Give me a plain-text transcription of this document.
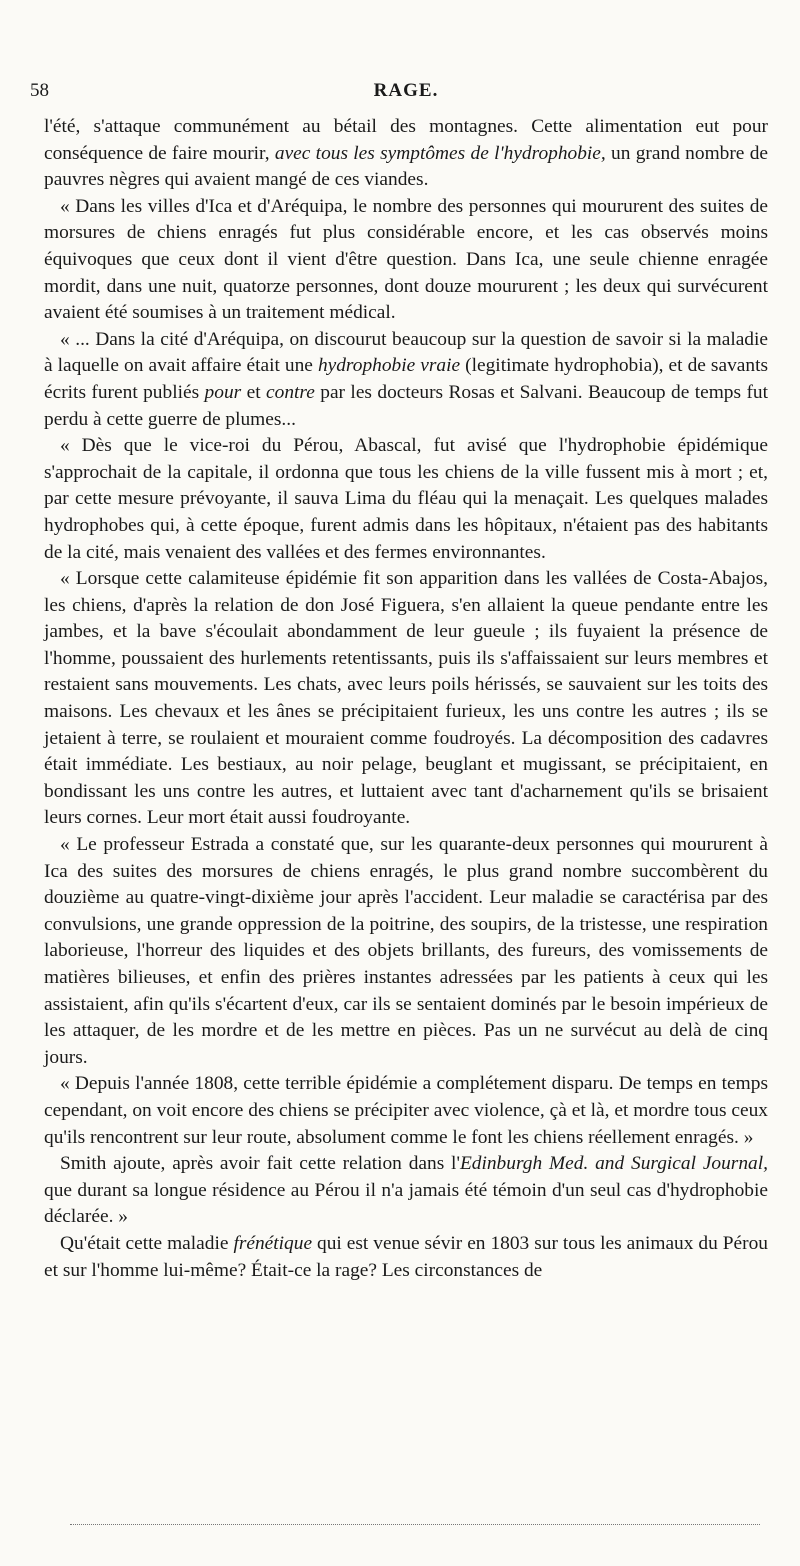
58	RAGE.

l'été, s'attaque communément au bétail des montagnes. Cette alimentation eut pour conséquence de faire mourir, avec tous les symptômes de l'hydrophobie, un grand nombre de pauvres nègres qui avaient mangé de ces viandes.

« Dans les villes d'Ica et d'Aréquipa, le nombre des personnes qui moururent des suites de morsures de chiens enragés fut plus considérable encore, et les cas observés moins équivoques que ceux dont il vient d'être question. Dans Ica, une seule chienne enragée mordit, dans une nuit, quatorze personnes, dont douze moururent ; les deux qui survécurent avaient été soumises à un traitement médical.

« ... Dans la cité d'Aréquipa, on discourut beaucoup sur la question de savoir si la maladie à laquelle on avait affaire était une hydrophobie vraie (legitimate hydrophobia), et de savants écrits furent publiés pour et contre par les docteurs Rosas et Salvani. Beaucoup de temps fut perdu à cette guerre de plumes...

« Dès que le vice-roi du Pérou, Abascal, fut avisé que l'hydrophobie épidémique s'approchait de la capitale, il ordonna que tous les chiens de la ville fussent mis à mort ; et, par cette mesure prévoyante, il sauva Lima du fléau qui la menaçait. Les quelques malades hydrophobes qui, à cette époque, furent admis dans les hôpitaux, n'étaient pas des habitants de la cité, mais venaient des vallées et des fermes environnantes.

« Lorsque cette calamiteuse épidémie fit son apparition dans les vallées de Costa-Abajos, les chiens, d'après la relation de don José Figuera, s'en allaient la queue pendante entre les jambes, et la bave s'écoulait abondamment de leur gueule ; ils fuyaient la présence de l'homme, poussaient des hurlements retentissants, puis ils s'affaissaient sur leurs membres et restaient sans mouvements. Les chats, avec leurs poils hérissés, se sauvaient sur les toits des maisons. Les chevaux et les ânes se précipitaient furieux, les uns contre les autres ; ils se jetaient à terre, se roulaient et mouraient comme foudroyés. La décomposition des cadavres était immédiate. Les bestiaux, au noir pelage, beuglant et mugissant, se précipitaient, en bondissant les uns contre les autres, et luttaient avec tant d'acharnement qu'ils se brisaient leurs cornes. Leur mort était aussi foudroyante.

« Le professeur Estrada a constaté que, sur les quarante-deux personnes qui moururent à Ica des suites des morsures de chiens enragés, le plus grand nombre succombèrent du douzième au quatre-vingt-dixième jour après l'accident. Leur maladie se caractérisa par des convulsions, une grande oppression de la poitrine, des soupirs, de la tristesse, une respiration laborieuse, l'horreur des liquides et des objets brillants, des fureurs, des vomissements de matières bilieuses, et enfin des prières instantes adressées par les patients à ceux qui les assistaient, afin qu'ils s'écartent d'eux, car ils se sentaient dominés par le besoin impérieux de les attaquer, de les mordre et de les mettre en pièces. Pas un ne survécut au delà de cinq jours.

« Depuis l'année 1808, cette terrible épidémie a complétement disparu. De temps en temps cependant, on voit encore des chiens se précipiter avec violence, çà et là, et mordre tous ceux qu'ils rencontrent sur leur route, absolument comme le font les chiens réellement enragés. »

Smith ajoute, après avoir fait cette relation dans l'Edinburgh Med. and Surgical Journal, que durant sa longue résidence au Pérou il n'a jamais été témoin d'un seul cas d'hydrophobie déclarée. »

Qu'était cette maladie frénétique qui est venue sévir en 1803 sur tous les animaux du Pérou et sur l'homme lui-même? Était-ce la rage? Les circonstances de
